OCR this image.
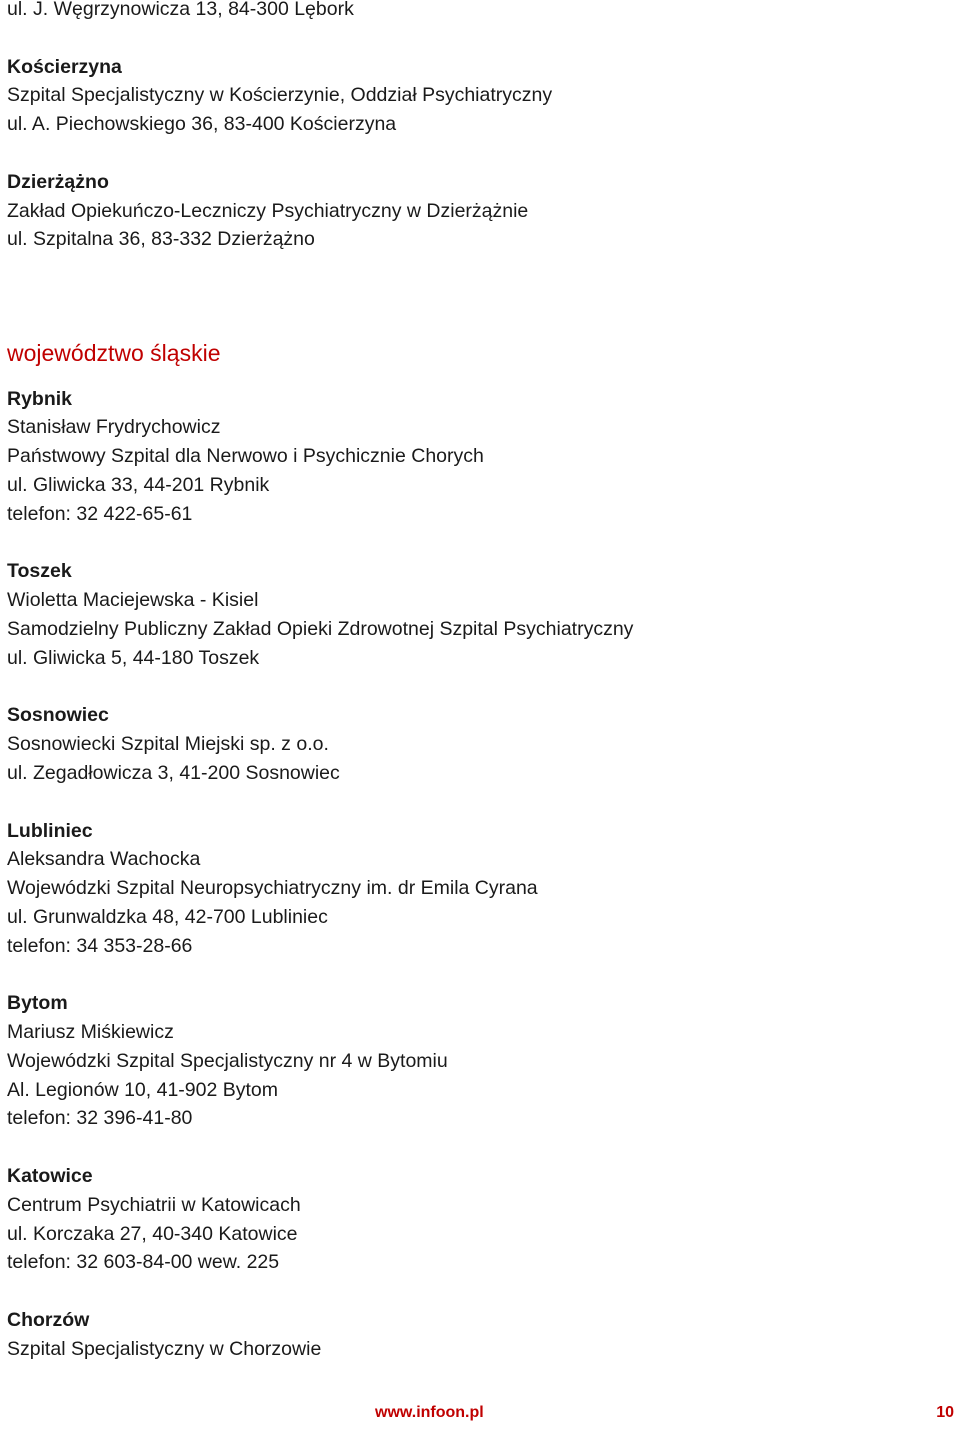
ul. J. Węgrzynowicza 13, 84-300 Lębork
Kościerzyna
Szpital Specjalistyczny w Kościerzynie, Oddział Psychiatryczny
ul. A. Piechowskiego 36, 83-400 Kościerzyna
Dzierżążno
Zakład Opiekuńczo-Leczniczy Psychiatryczny w Dzierżążnie
ul. Szpitalna 36, 83-332 Dzierżążno
województwo śląskie
Rybnik
Stanisław Frydrychowicz
Państwowy Szpital dla Nerwowo i Psychicznie Chorych
ul. Gliwicka 33, 44-201 Rybnik
telefon: 32 422-65-61
Toszek
Wioletta Maciejewska - Kisiel
Samodzielny Publiczny Zakład Opieki Zdrowotnej Szpital Psychiatryczny
ul. Gliwicka 5, 44-180 Toszek
Sosnowiec
Sosnowiecki Szpital Miejski sp. z o.o.
ul. Zegadłowicza 3, 41-200 Sosnowiec
Lubliniec
Aleksandra Wachocka
Wojewódzki Szpital Neuropsychiatryczny im. dr Emila Cyrana
ul. Grunwaldzka 48, 42-700 Lubliniec
telefon: 34 353-28-66
Bytom
Mariusz Miśkiewicz
Wojewódzki Szpital Specjalistyczny nr 4 w Bytomiu
Al. Legionów 10, 41-902 Bytom
telefon: 32 396-41-80
Katowice
Centrum Psychiatrii w Katowicach
ul. Korczaka 27, 40-340 Katowice
telefon: 32 603-84-00 wew. 225
Chorzów
Szpital Specjalistyczny w Chorzowie
www.infoon.pl	10
